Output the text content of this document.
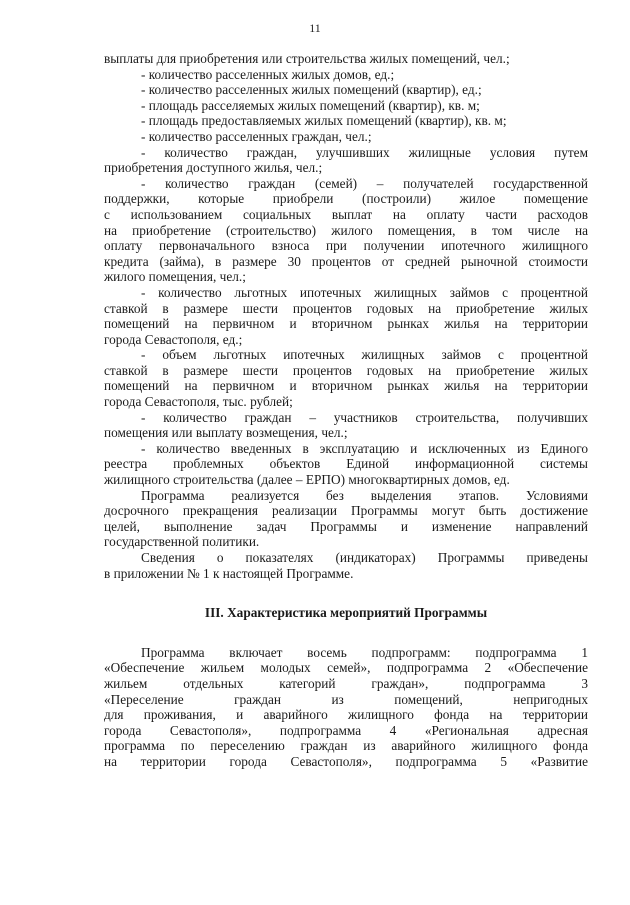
11
выплаты для приобретения или строительства жилых помещений, чел.;
- количество расселенных жилых домов, ед.;
- количество расселенных жилых помещений (квартир), ед.;
- площадь расселяемых жилых помещений (квартир), кв. м;
- площадь предоставляемых жилых помещений (квартир), кв. м;
- количество расселенных граждан, чел.;
- количество граждан, улучшивших жилищные условия путем
приобретения доступного жилья, чел.;
- количество граждан (семей) – получателей государственной
поддержки, которые приобрели (построили) жилое помещение
с использованием социальных выплат на оплату части расходов
на приобретение (строительство) жилого помещения, в том числе на
оплату первоначального взноса при получении ипотечного жилищного
кредита (займа), в размере 30 процентов от средней рыночной стоимости
жилого помещения, чел.;
- количество льготных ипотечных жилищных займов с процентной
ставкой в размере шести процентов годовых на приобретение жилых
помещений на первичном и вторичном рынках жилья на территории
города Севастополя, ед.;
- объем льготных ипотечных жилищных займов с процентной
ставкой в размере шести процентов годовых на приобретение жилых
помещений на первичном и вторичном рынках жилья на территории
города Севастополя, тыс. рублей;
- количество граждан – участников строительства, получивших
помещения или выплату возмещения, чел.;
- количество введенных в эксплуатацию и исключенных из Единого
реестра проблемных объектов Единой информационной системы
жилищного строительства (далее – ЕРПО) многоквартирных домов, ед.
Программа реализуется без выделения этапов. Условиями
досрочного прекращения реализации Программы могут быть достижение
целей, выполнение задач Программы и изменение направлений
государственной политики.
Сведения о показателях (индикаторах) Программы приведены
в приложении № 1 к настоящей Программе.
III. Характеристика мероприятий Программы
Программа включает восемь подпрограмм: подпрограмма 1
«Обеспечение жильем молодых семей», подпрограмма 2 «Обеспечение
жильем отдельных категорий граждан», подпрограмма 3
«Переселение граждан из помещений, непригодных
для проживания, и аварийного жилищного фонда на территории
города Севастополя», подпрограмма 4 «Региональная адресная
программа по переселению граждан из аварийного жилищного фонда
на территории города Севастополя», подпрограмма 5 «Развитие
